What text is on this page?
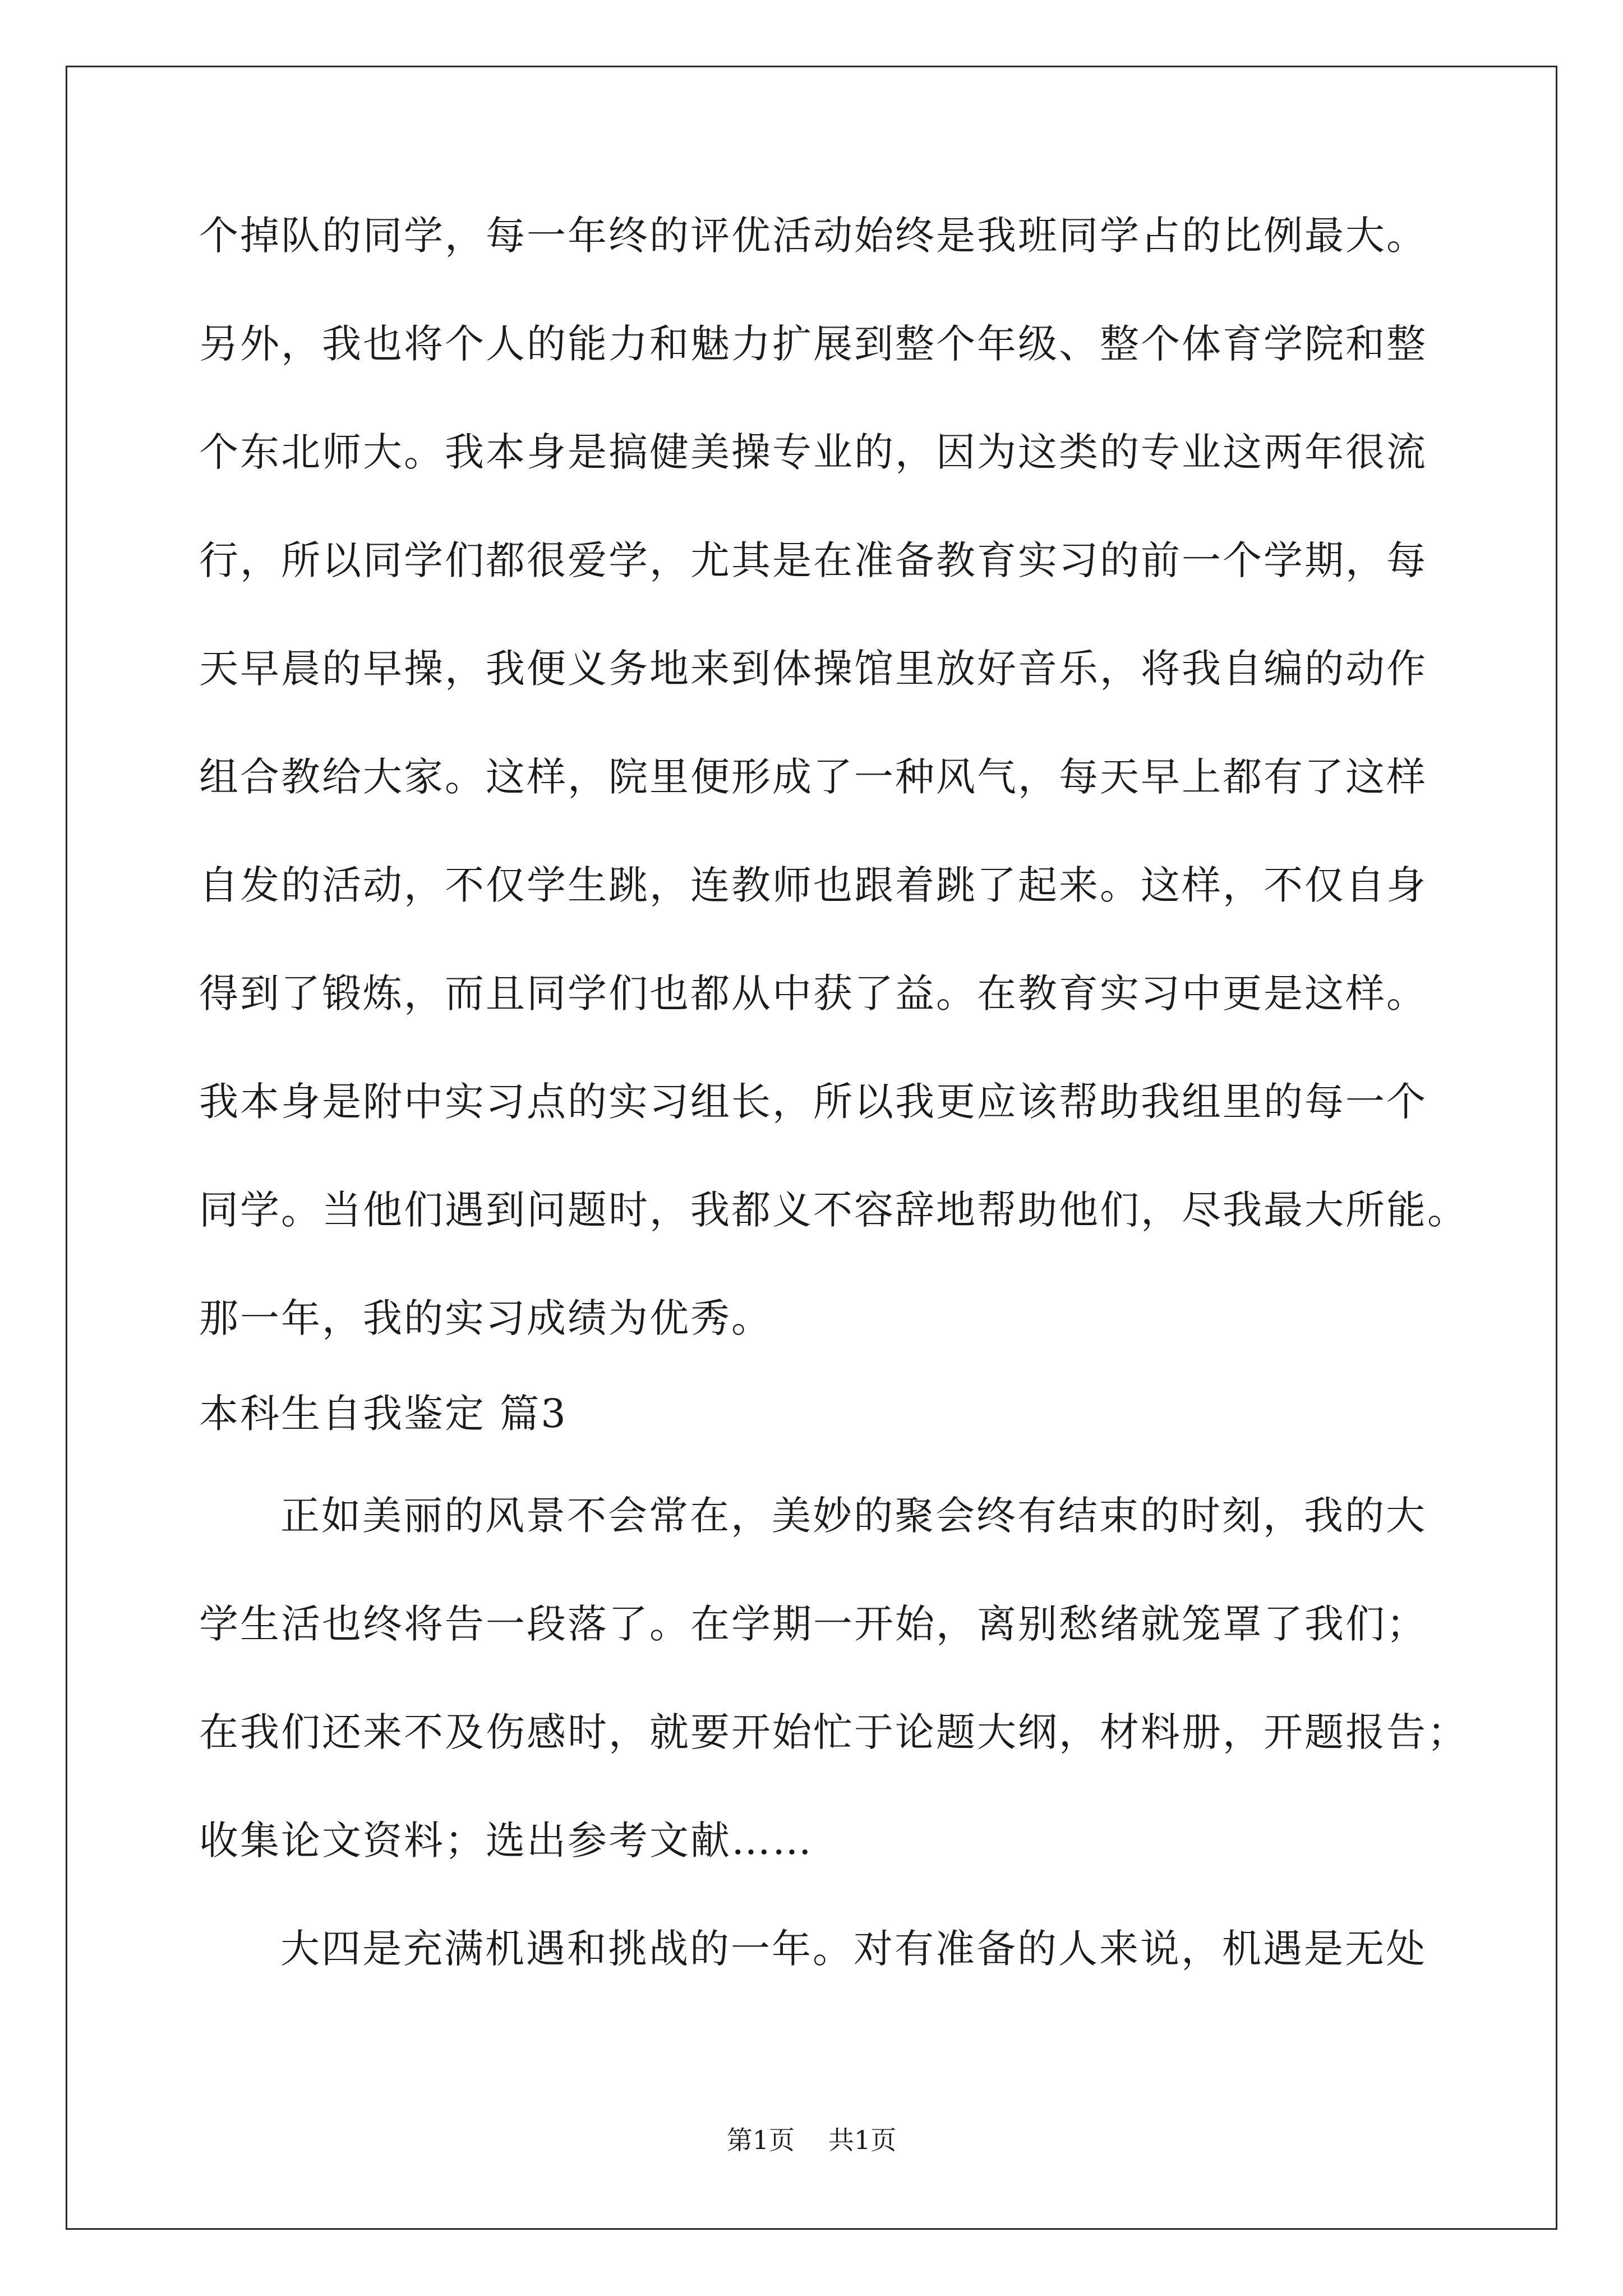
个掉队的同学，每一年终的评优活动始终是我班同学占的比例最大。
另外，我也将个人的能力和魅力扩展到整个年级、整个体育学院和整
个东北师大。我本身是搞健美操专业的，因为这类的专业这两年很流
行，所以同学们都很爱学，尤其是在准备教育实习的前一个学期，每
天早晨的早操，我便义务地来到体操馆里放好音乐，将我自编的动作
组合教给大家。这样，院里便形成了一种风气，每天早上都有了这样
自发的活动，不仅学生跳，连教师也跟着跳了起来。这样，不仅自身
得到了锻炼，而且同学们也都从中获了益。在教育实习中更是这样。
我本身是附中实习点的实习组长，所以我更应该帮助我组里的每一个
同学。当他们遇到问题时，我都义不容辞地帮助他们，尽我最大所能。
那一年，我的实习成绩为优秀。
本科生自我鉴定 篇3
正如美丽的风景不会常在，美妙的聚会终有结束的时刻，我的大
学生活也终将告一段落了。在学期一开始，离别愁绪就笼罩了我们；
在我们还来不及伤感时，就要开始忙于论题大纲，材料册，开题报告；
收集论文资料；选出参考文献……
大四是充满机遇和挑战的一年。对有准备的人来说，机遇是无处
第1页 共1页
